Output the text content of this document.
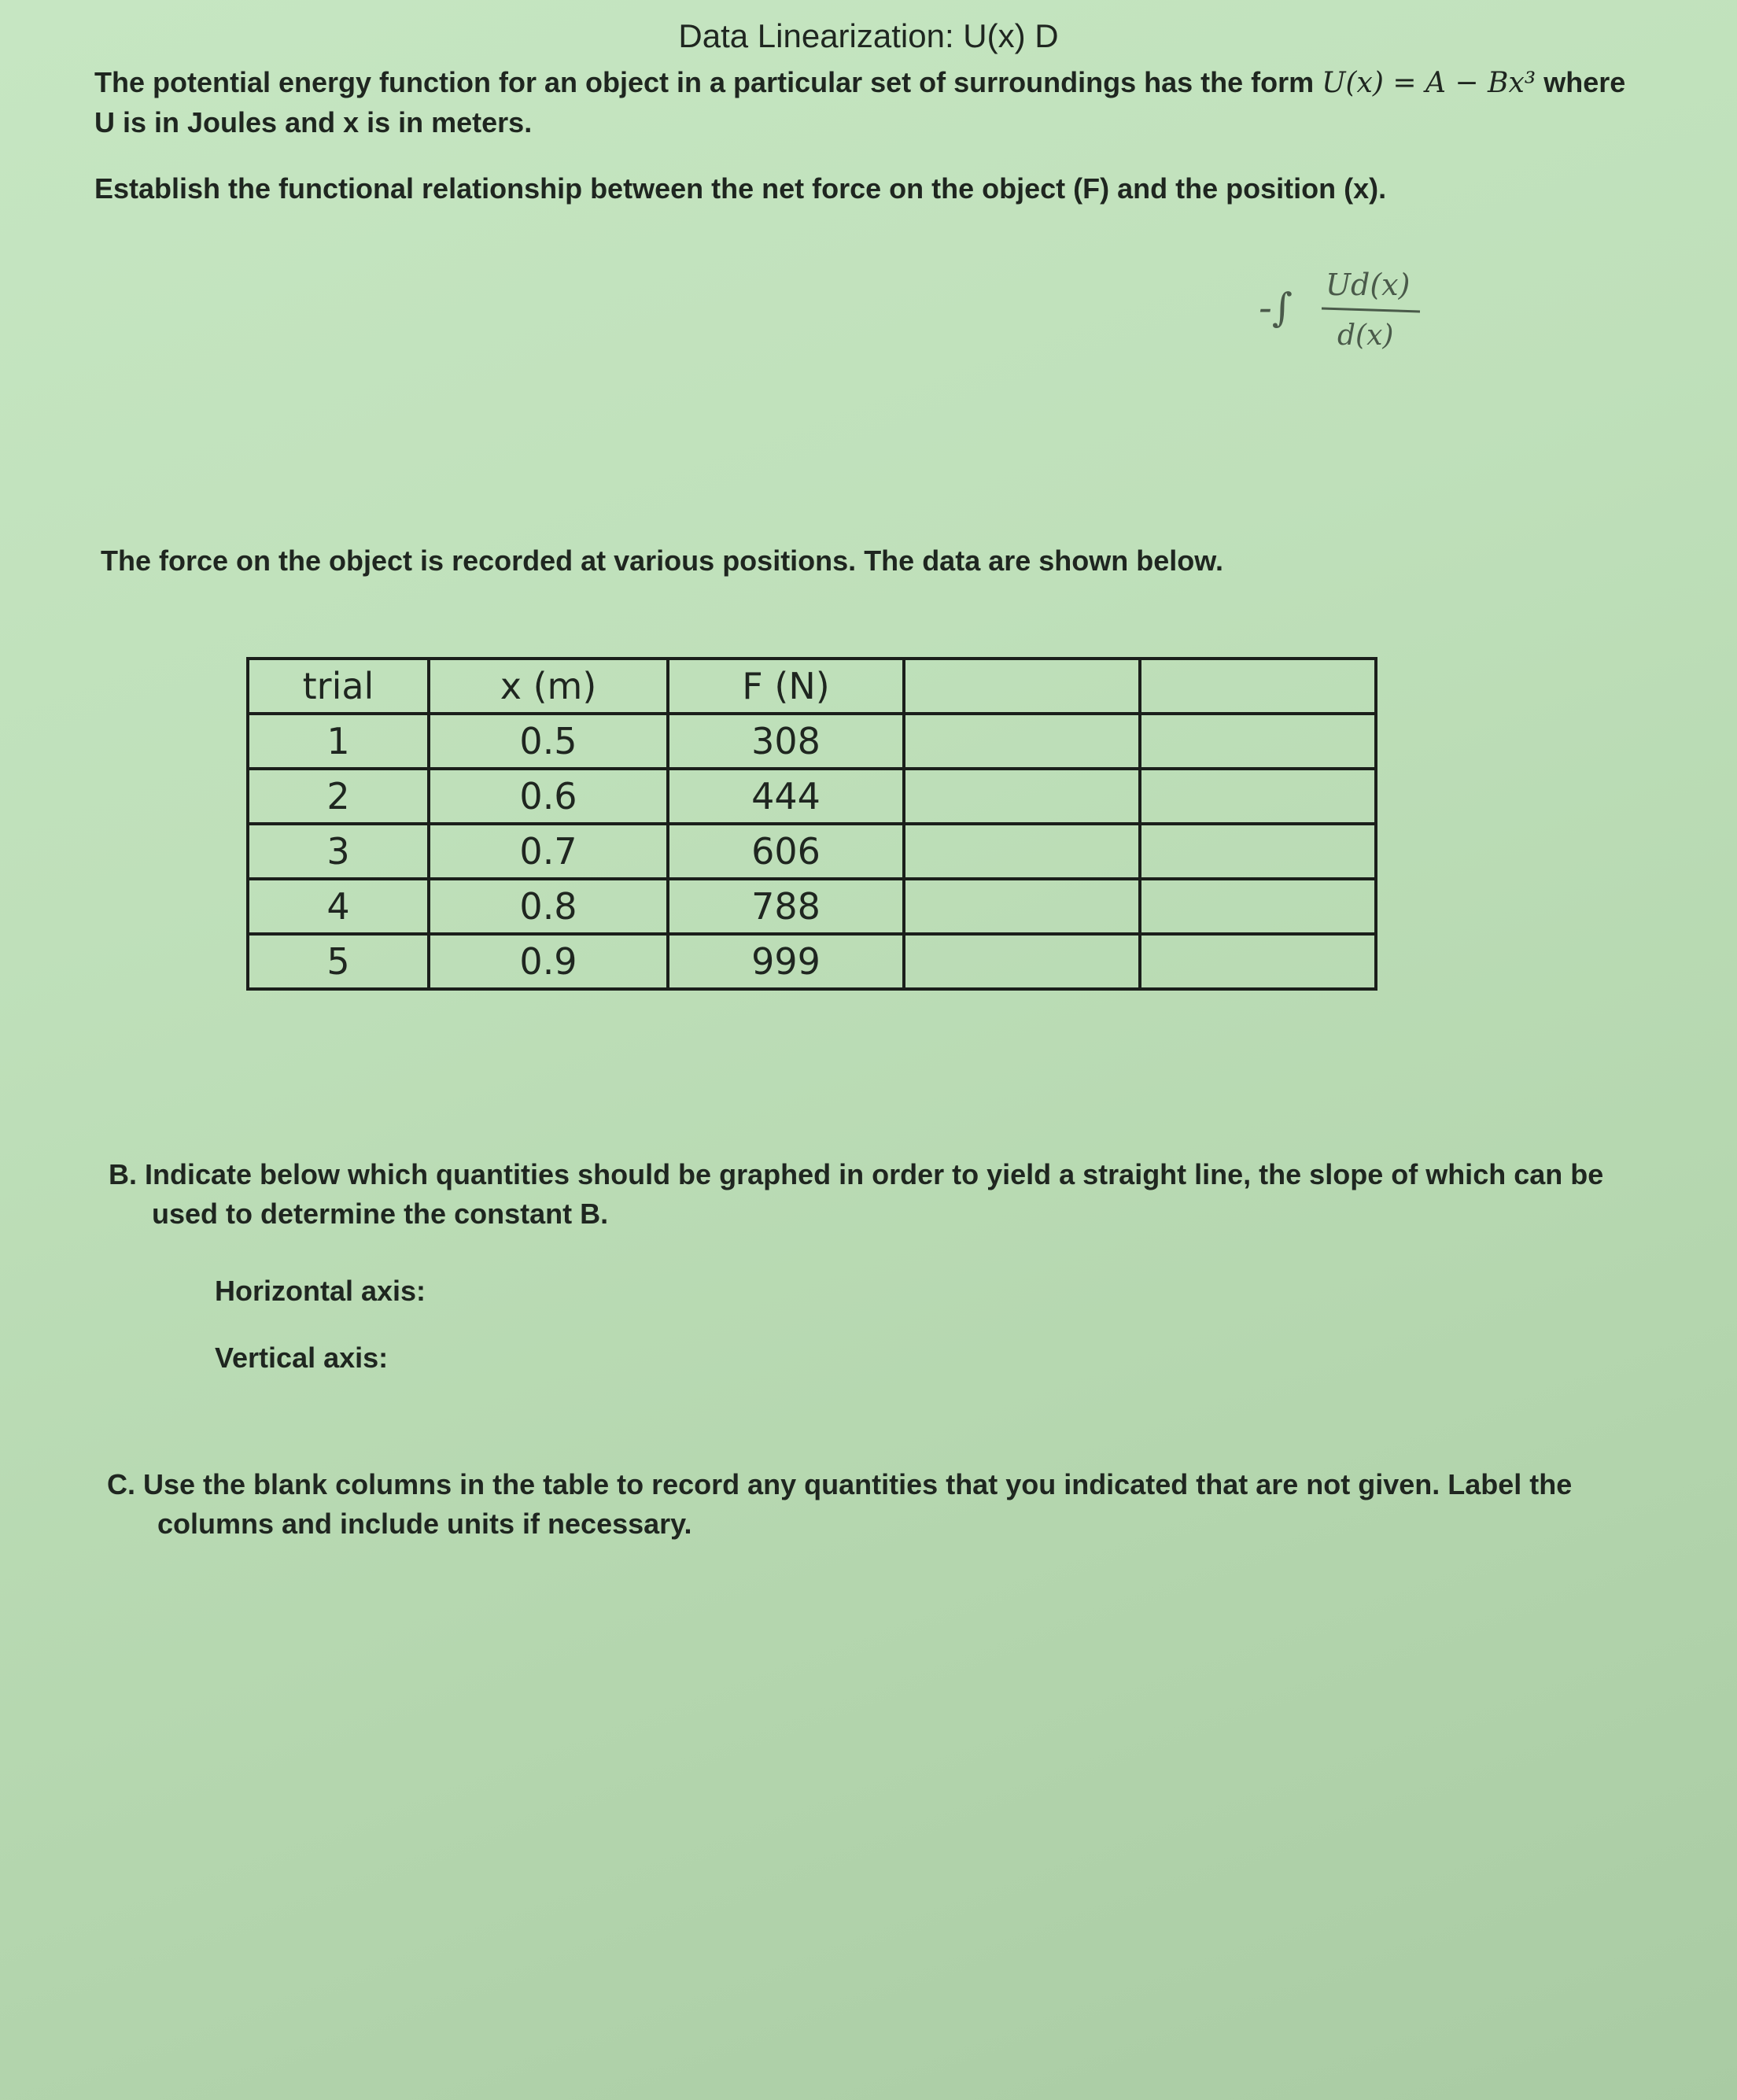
Data Linearization: U(x) D
The potential energy function for an object in a particular set of surroundings has the form U(x) = A − Bx³ where U is in Joules and x is in meters.
Establish the functional relationship between the net force on the object (F) and the position (x).
-∫ Ud(x)
d(x)
The force on the object is recorded at various positions. The data are shown below.
trial	x (m)	F (N)		
1	0.5	308		
2	0.6	444		
3	0.7	606		
4	0.8	788		
5	0.9	999		
B. Indicate below which quantities should be graphed in order to yield a straight line, the slope of which can be
used to determine the constant B.
Horizontal axis:
Vertical axis:
C. Use the blank columns in the table to record any quantities that you indicated that are not given. Label the
columns and include units if necessary.
